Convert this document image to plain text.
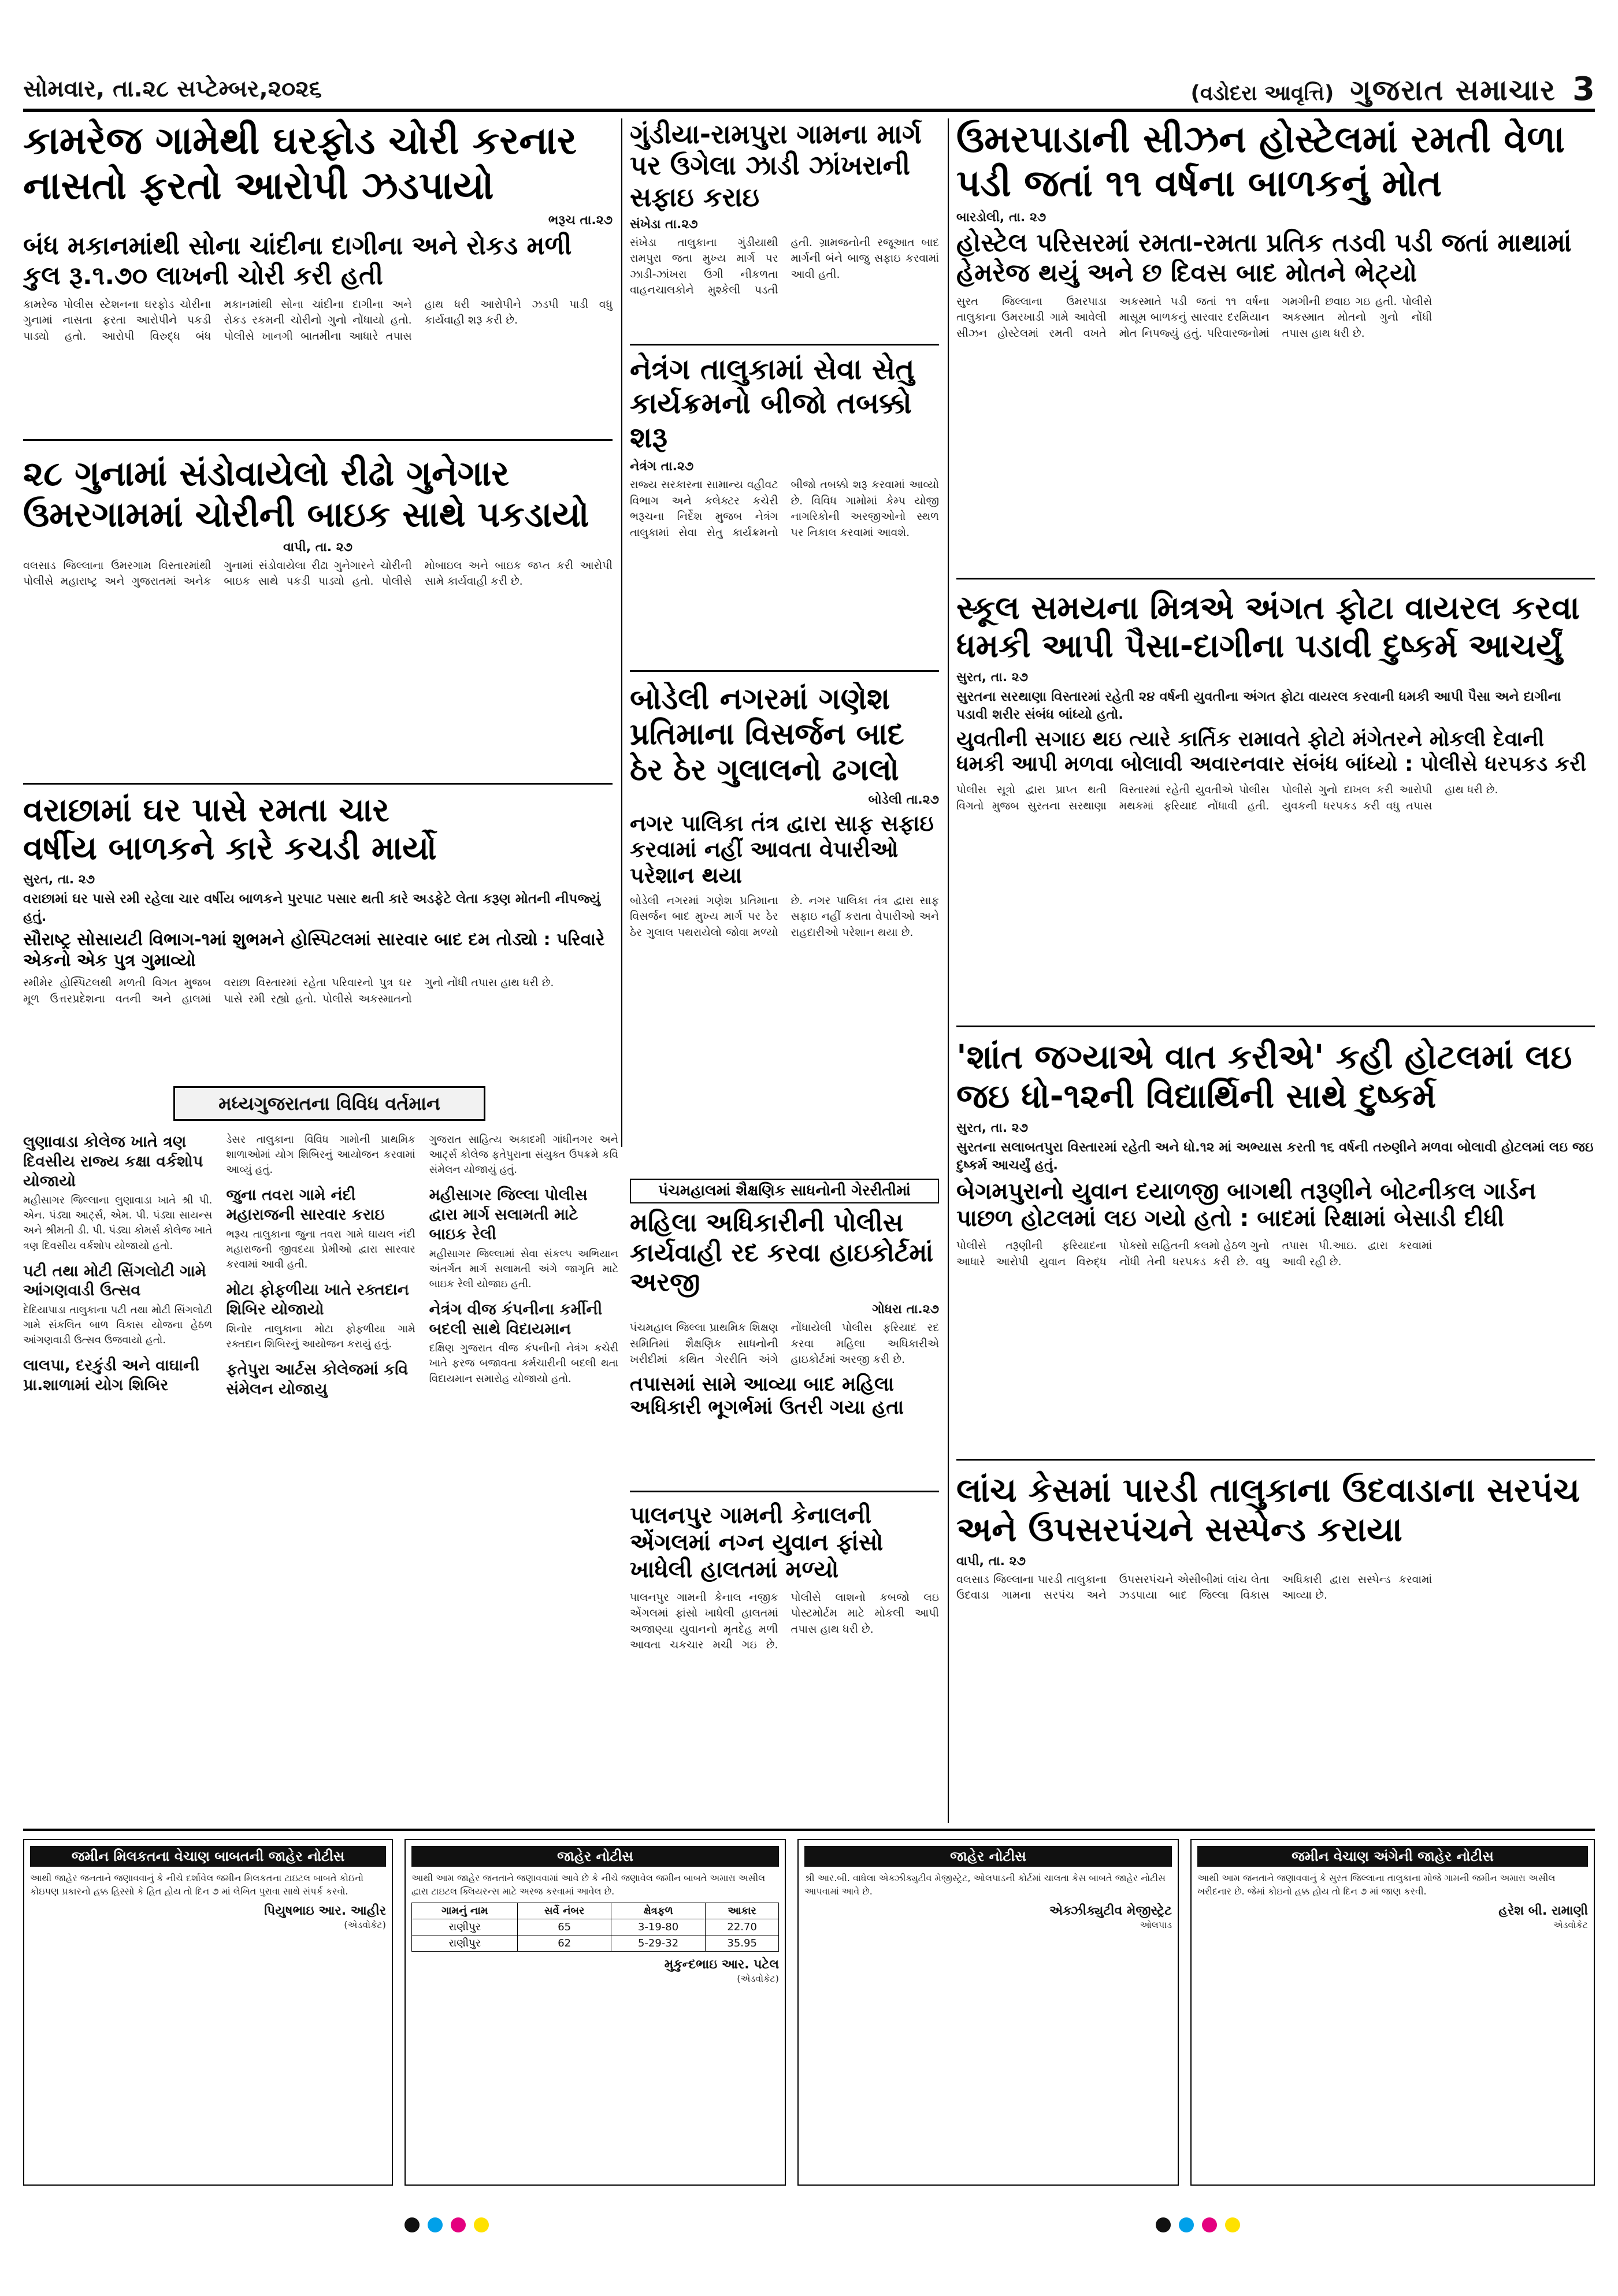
સોમવાર, તા.૨૮ સપ્ટેમ્બર,૨૦૨૬	(વડોદરા આવૃત્તિ) ગુજરાત સમાચાર 3
કામરેજ ગામેથી ઘરફોડ ચોરી કરનાર નાસતો ફરતો આરોપી ઝડપાયો
ભરૂચ તા.૨૭
બંધ મકાનમાંથી સોના ચાંદીના દાગીના અને રોકડ મળી કુલ રૂ.૧.૭૦ લાખની ચોરી કરી હતી
કામરેજ પોલીસ સ્ટેશનના ઘરફોડ ચોરીના ગુનામાં નાસતા ફરતા આરોપીને પકડી પાડ્યો હતો. આરોપી વિરુદ્ધ બંધ મકાનમાંથી સોના ચાંદીના દાગીના અને રોકડ રકમની ચોરીનો ગુનો નોંધાયો હતો. પોલીસે ખાનગી બાતમીના આધારે તપાસ હાથ ધરી આરોપીને ઝડપી પાડી વધુ કાર્યવાહી શરૂ કરી છે.
ગુંડીયા-રામપુરા ગામના માર્ગ પર ઉગેલા ઝાડી ઝાંખરાની સફાઇ કરાઇ
સંખેડા તા.૨૭
સંખેડા તાલુકાના ગુંડીયાથી રામપુરા જતા મુખ્ય માર્ગ પર ઝાડી-ઝાંખરા ઉગી નીકળતા વાહનચાલકોને મુશ્કેલી પડતી હતી. ગ્રામજનોની રજૂઆત બાદ માર્ગની બંને બાજુ સફાઇ કરવામાં આવી હતી.
નેત્રંગ તાલુકામાં સેવા સેતુ કાર્યક્રમનો બીજો તબક્કો શરૂ
નેત્રંગ તા.૨૭
રાજ્ય સરકારના સામાન્ય વહીવટ વિભાગ અને કલેક્ટર કચેરી ભરૂચના નિર્દેશ મુજબ નેત્રંગ તાલુકામાં સેવા સેતુ કાર્યક્રમનો બીજો તબક્કો શરૂ કરવામાં આવ્યો છે. વિવિધ ગામોમાં કેમ્પ યોજી નાગરિકોની અરજીઓનો સ્થળ પર નિકાલ કરવામાં આવશે.
ઉમરપાડાની સીઝન હોસ્ટેલમાં રમતી વેળા પડી જતાં ૧૧ વર્ષના બાળકનું મોત
બારડોલી, તા. ૨૭
હોસ્ટેલ પરિસરમાં રમતા-રમતા પ્રતિક તડવી પડી જતાં માથામાં હેમરેજ થયું અને છ દિવસ બાદ મોતને ભેટ્યો
સુરત જિલ્લાના ઉમરપાડા તાલુકાના ઉમરખાડી ગામે આવેલી સીઝન હોસ્ટેલમાં રમતી વખતે અકસ્માતે પડી જતાં ૧૧ વર્ષના માસૂમ બાળકનું સારવાર દરમિયાન મોત નિપજ્યું હતું. પરિવારજનોમાં ગમગીની છવાઇ ગઇ હતી. પોલીસે અકસ્માત મોતનો ગુનો નોંધી તપાસ હાથ ધરી છે.
૨૮ ગુનામાં સંડોવાયેલો રીઢો ગુનેગાર ઉમરગામમાં ચોરીની બાઇક સાથે પકડાયો
વાપી, તા. ૨૭
વલસાડ જિલ્લાના ઉમરગામ વિસ્તારમાંથી પોલીસે મહારાષ્ટ્ર અને ગુજરાતમાં અનેક ગુનામાં સંડોવાયેલા રીઢા ગુનેગારને ચોરીની બાઇક સાથે પકડી પાડ્યો હતો. પોલીસે મોબાઇલ અને બાઇક જપ્ત કરી આરોપી સામે કાર્યવાહી કરી છે.
વરાછામાં ઘર પાસે રમતા ચાર વર્ષીય બાળકને કારે કચડી માર્યો
સુરત, તા. ૨૭
વરાછામાં ઘર પાસે રમી રહેલા ચાર વર્ષીય બાળકને પુરપાટ પસાર થતી કારે અડફેટે લેતા કરૂણ મોતની નીપજ્યું હતું.
સૌરાષ્ટ્ર સોસાયટી વિભાગ-૧માં શુભમને હોસ્પિટલમાં સારવાર બાદ દમ તોડ્યો : પરિવારે એકનો એક પુત્ર ગુમાવ્યો
સ્મીમેર હોસ્પિટલથી મળતી વિગત મુજબ મૂળ ઉત્તરપ્રદેશના વતની અને હાલમાં વરાછા વિસ્તારમાં રહેતા પરિવારનો પુત્ર ઘર પાસે રમી રહ્યો હતો. પોલીસે અકસ્માતનો ગુનો નોંધી તપાસ હાથ ધરી છે.
સ્કૂલ સમયના મિત્રએ અંગત ફોટા વાયરલ કરવા ધમકી આપી પૈસા-દાગીના પડાવી દુષ્કર્મ આચર્યું
સુરત, તા. ૨૭
સુરતના સરથાણા વિસ્તારમાં રહેતી ૨૪ વર્ષની યુવતીના અંગત ફોટા વાયરલ કરવાની ધમકી આપી પૈસા અને દાગીના પડાવી શરીર સંબંધ બાંધ્યો હતો.
યુવતીની સગાઇ થઇ ત્યારે કાર્તિક રામાવતે ફોટો મંગેતરને મોકલી દેવાની ધમકી આપી મળવા બોલાવી અવારનવાર સંબંધ બાંધ્યો : પોલીસે ધરપકડ કરી
પોલીસ સૂત્રો દ્વારા પ્રાપ્ત થતી વિગતો મુજબ સુરતના સરથાણા વિસ્તારમાં રહેતી યુવતીએ પોલીસ મથકમાં ફરિયાદ નોંધાવી હતી. પોલીસે ગુનો દાખલ કરી આરોપી યુવકની ધરપકડ કરી વધુ તપાસ હાથ ધરી છે.
બોડેલી નગરમાં ગણેશ પ્રતિમાના વિસર્જન બાદ ઠેર ઠેર ગુલાલનો ઢગલો
બોડેલી તા.૨૭
નગર પાલિકા તંત્ર દ્વારા સાફ સફાઇ કરવામાં નહીં આવતા વેપારીઓ પરેશાન થયા
બોડેલી નગરમાં ગણેશ પ્રતિમાના વિસર્જન બાદ મુખ્ય માર્ગ પર ઠેર ઠેર ગુલાલ પથરાયેલો જોવા મળ્યો છે. નગર પાલિકા તંત્ર દ્વારા સાફ સફાઇ નહીં કરાતા વેપારીઓ અને રાહદારીઓ પરેશાન થયા છે.
'શાંત જગ્યાએ વાત કરીએ' કહી હોટલમાં લઇ જઇ ધો-૧૨ની વિદ્યાર્થિની સાથે દુષ્કર્મ
સુરત, તા. ૨૭
સુરતના સલાબતપુરા વિસ્તારમાં રહેતી અને ધો.૧૨ માં અભ્યાસ કરતી ૧૬ વર્ષની તરુણીને મળવા બોલાવી હોટલમાં લઇ જઇ દુષ્કર્મ આચર્યું હતું.
બેગમપુરાનો યુવાન દયાળજી બાગથી તરૂણીને બોટનીકલ ગાર્ડન પાછળ હોટલમાં લઇ ગયો હતો : બાદમાં રિક્ષામાં બેસાડી દીધી
પોલીસે તરૂણીની ફરિયાદના આધારે આરોપી યુવાન વિરુદ્ધ પોક્સો સહિતની કલમો હેઠળ ગુનો નોંધી તેની ધરપકડ કરી છે. વધુ તપાસ પી.આઇ. દ્વારા કરવામાં આવી રહી છે.
લાંચ કેસમાં પારડી તાલુકાના ઉદવાડાના સરપંચ અને ઉપસરપંચને સસ્પેન્ડ કરાયા
વાપી, તા. ૨૭
વલસાડ જિલ્લાના પારડી તાલુકાના ઉદવાડા ગામના સરપંચ અને ઉપસરપંચને એસીબીમાં લાંચ લેતા ઝડપાયા બાદ જિલ્લા વિકાસ અધિકારી દ્વારા સસ્પેન્ડ કરવામાં આવ્યા છે.
પંચમહાલમાં શૈક્ષણિક સાધનોની ગેરરીતીમાં
મહિલા અધિકારીની પોલીસ કાર્યવાહી રદ કરવા હાઇકોર્ટમાં અરજી
ગોધરા તા.૨૭
પંચમહાલ જિલ્લા પ્રાથમિક શિક્ષણ સમિતિમાં શૈક્ષણિક સાધનોની ખરીદીમાં કથિત ગેરરીતિ અંગે નોંધાયેલી પોલીસ ફરિયાદ રદ કરવા મહિલા અધિકારીએ હાઇકોર્ટમાં અરજી કરી છે.
તપાસમાં સામે આવ્યા બાદ મહિલા અધિકારી ભૂગર્ભમાં ઉતરી ગયા હતા
પાલનપુર ગામની કેનાલની એંગલમાં નગ્ન યુવાન ફાંસો ખાધેલી હાલતમાં મળ્યો
પાલનપુર ગામની કેનાલ નજીક એંગલમાં ફાંસો ખાધેલી હાલતમાં અજાણ્યા યુવાનનો મૃતદેહ મળી આવતા ચકચાર મચી ગઇ છે. પોલીસે લાશનો કબજો લઇ પોસ્ટમોર્ટમ માટે મોકલી આપી તપાસ હાથ ધરી છે.
મધ્યગુજરાતના વિવિધ વર્તમાન
લુણાવાડા કોલેજ ખાતે ત્રણ દિવસીય રાજ્ય કક્ષા વર્કશોપ યોજાયો
મહીસાગર જિલ્લાના લુણાવાડા ખાતે શ્રી પી. એન. પંડ્યા આર્ટ્સ, એમ. પી. પંડ્યા સાયન્સ અને શ્રીમતી ડી. પી. પંડ્યા કોમર્સ કોલેજ ખાતે ત્રણ દિવસીય વર્કશોપ યોજાયો હતો.
પટી તથા મોટી સિંગલોટી ગામે આંગણવાડી ઉત્સવ
દેદિયાપાડા તાલુકાના પટી તથા મોટી સિંગલોટી ગામે સંકલિત બાળ વિકાસ યોજના હેઠળ આંગણવાડી ઉત્સવ ઉજવાયો હતો.
લાલપા, દરકુંડી અને વાઘાની પ્રા.શાળામાં યોગ શિબિર
ડેસર તાલુકાના વિવિધ ગામોની પ્રાથમિક શાળાઓમાં યોગ શિબિરનું આયોજન કરવામાં આવ્યું હતું.
જુના તવરા ગામે નંદી મહારાજની સારવાર કરાઇ
ભરૂચ તાલુકાના જુના તવરા ગામે ઘાયલ નંદી મહારાજની જીવદયા પ્રેમીઓ દ્વારા સારવાર કરવામાં આવી હતી.
મોટા ફોફળીયા ખાતે રક્તદાન શિબિર યોજાયો
શિનોર તાલુકાના મોટા ફોફળીયા ગામે રક્તદાન શિબિરનું આયોજન કરાયું હતું.
ફતેપુરા આર્ટસ કોલેજમાં કવિ સંમેલન યોજાયુ
ગુજરાત સાહિત્ય અકાદમી ગાંધીનગર અને આર્ટ્સ કોલેજ ફતેપુરાના સંયુક્ત ઉપક્રમે કવિ સંમેલન યોજાયું હતું.
મહીસાગર જિલ્લા પોલીસ દ્વારા માર્ગ સલામતી માટે બાઇક રેલી
મહીસાગર જિલ્લામાં સેવા સંકલ્પ અભિયાન અંતર્ગત માર્ગ સલામતી અંગે જાગૃતિ માટે બાઇક રેલી યોજાઇ હતી.
નેત્રંગ વીજ કંપનીના કર્મીની બદલી સાથે વિદાયમાન
દક્ષિણ ગુજરાત વીજ કંપનીની નેત્રંગ કચેરી ખાતે ફરજ બજાવતા કર્મચારીની બદલી થતા વિદાયમાન સમારોહ યોજાયો હતો.
જમીન મિલકતના વેચાણ બાબતની જાહેર નોટીસ
આથી જાહેર જનતાને જણાવવાનું કે નીચે દર્શાવેલ જમીન મિલકતના ટાઇટલ બાબતે કોઇનો કોઇપણ પ્રકારનો હક્ક હિસ્સો કે હિત હોય તો દિન ૭ માં લેખિત પુરાવા સાથે સંપર્ક કરવો.
પિયુષભાઇ આર. આહીર
(એડવોકેટ)
જાહેર નોટીસ
આથી આમ જાહેર જનતાને જણાવવામાં આવે છે કે નીચે જણાવેલ જમીન બાબતે અમારા અસીલ દ્વારા ટાઇટલ ક્લિયરન્સ માટે અરજ કરવામાં આવેલ છે.
ગામનું નામ	સર્વે નંબર	ક્ષેત્રફળ	આકાર
રાણીપુર	65	3-19-80	22.70
રાણીપુર	62	5-29-32	35.95
મુકુન્દભાઇ આર. પટેલ
(એડવોકેટ)
જાહેર નોટીસ
શ્રી આર.બી. વાધેલા એક્ઝીક્યુટીવ મેજીસ્ટ્રેટ, ઓલપાડની કોર્ટમાં ચાલતા કેસ બાબતે જાહેર નોટીસ આપવામાં આવે છે.
એક્ઝીક્યુટીવ મેજીસ્ટ્રેટ
ઓલપાડ
જમીન વેચાણ અંગેની જાહેર નોટીસ
આથી આમ જનતાને જણાવવાનું કે સુરત જિલ્લાના તાલુકાના મોજે ગામની જમીન અમારા અસીલ ખરીદનાર છે. જેમાં કોઇનો હક્ક હોય તો દિન ૭ માં જાણ કરવી.
હરેશ બી. રામાણી
એડવોકેટ
